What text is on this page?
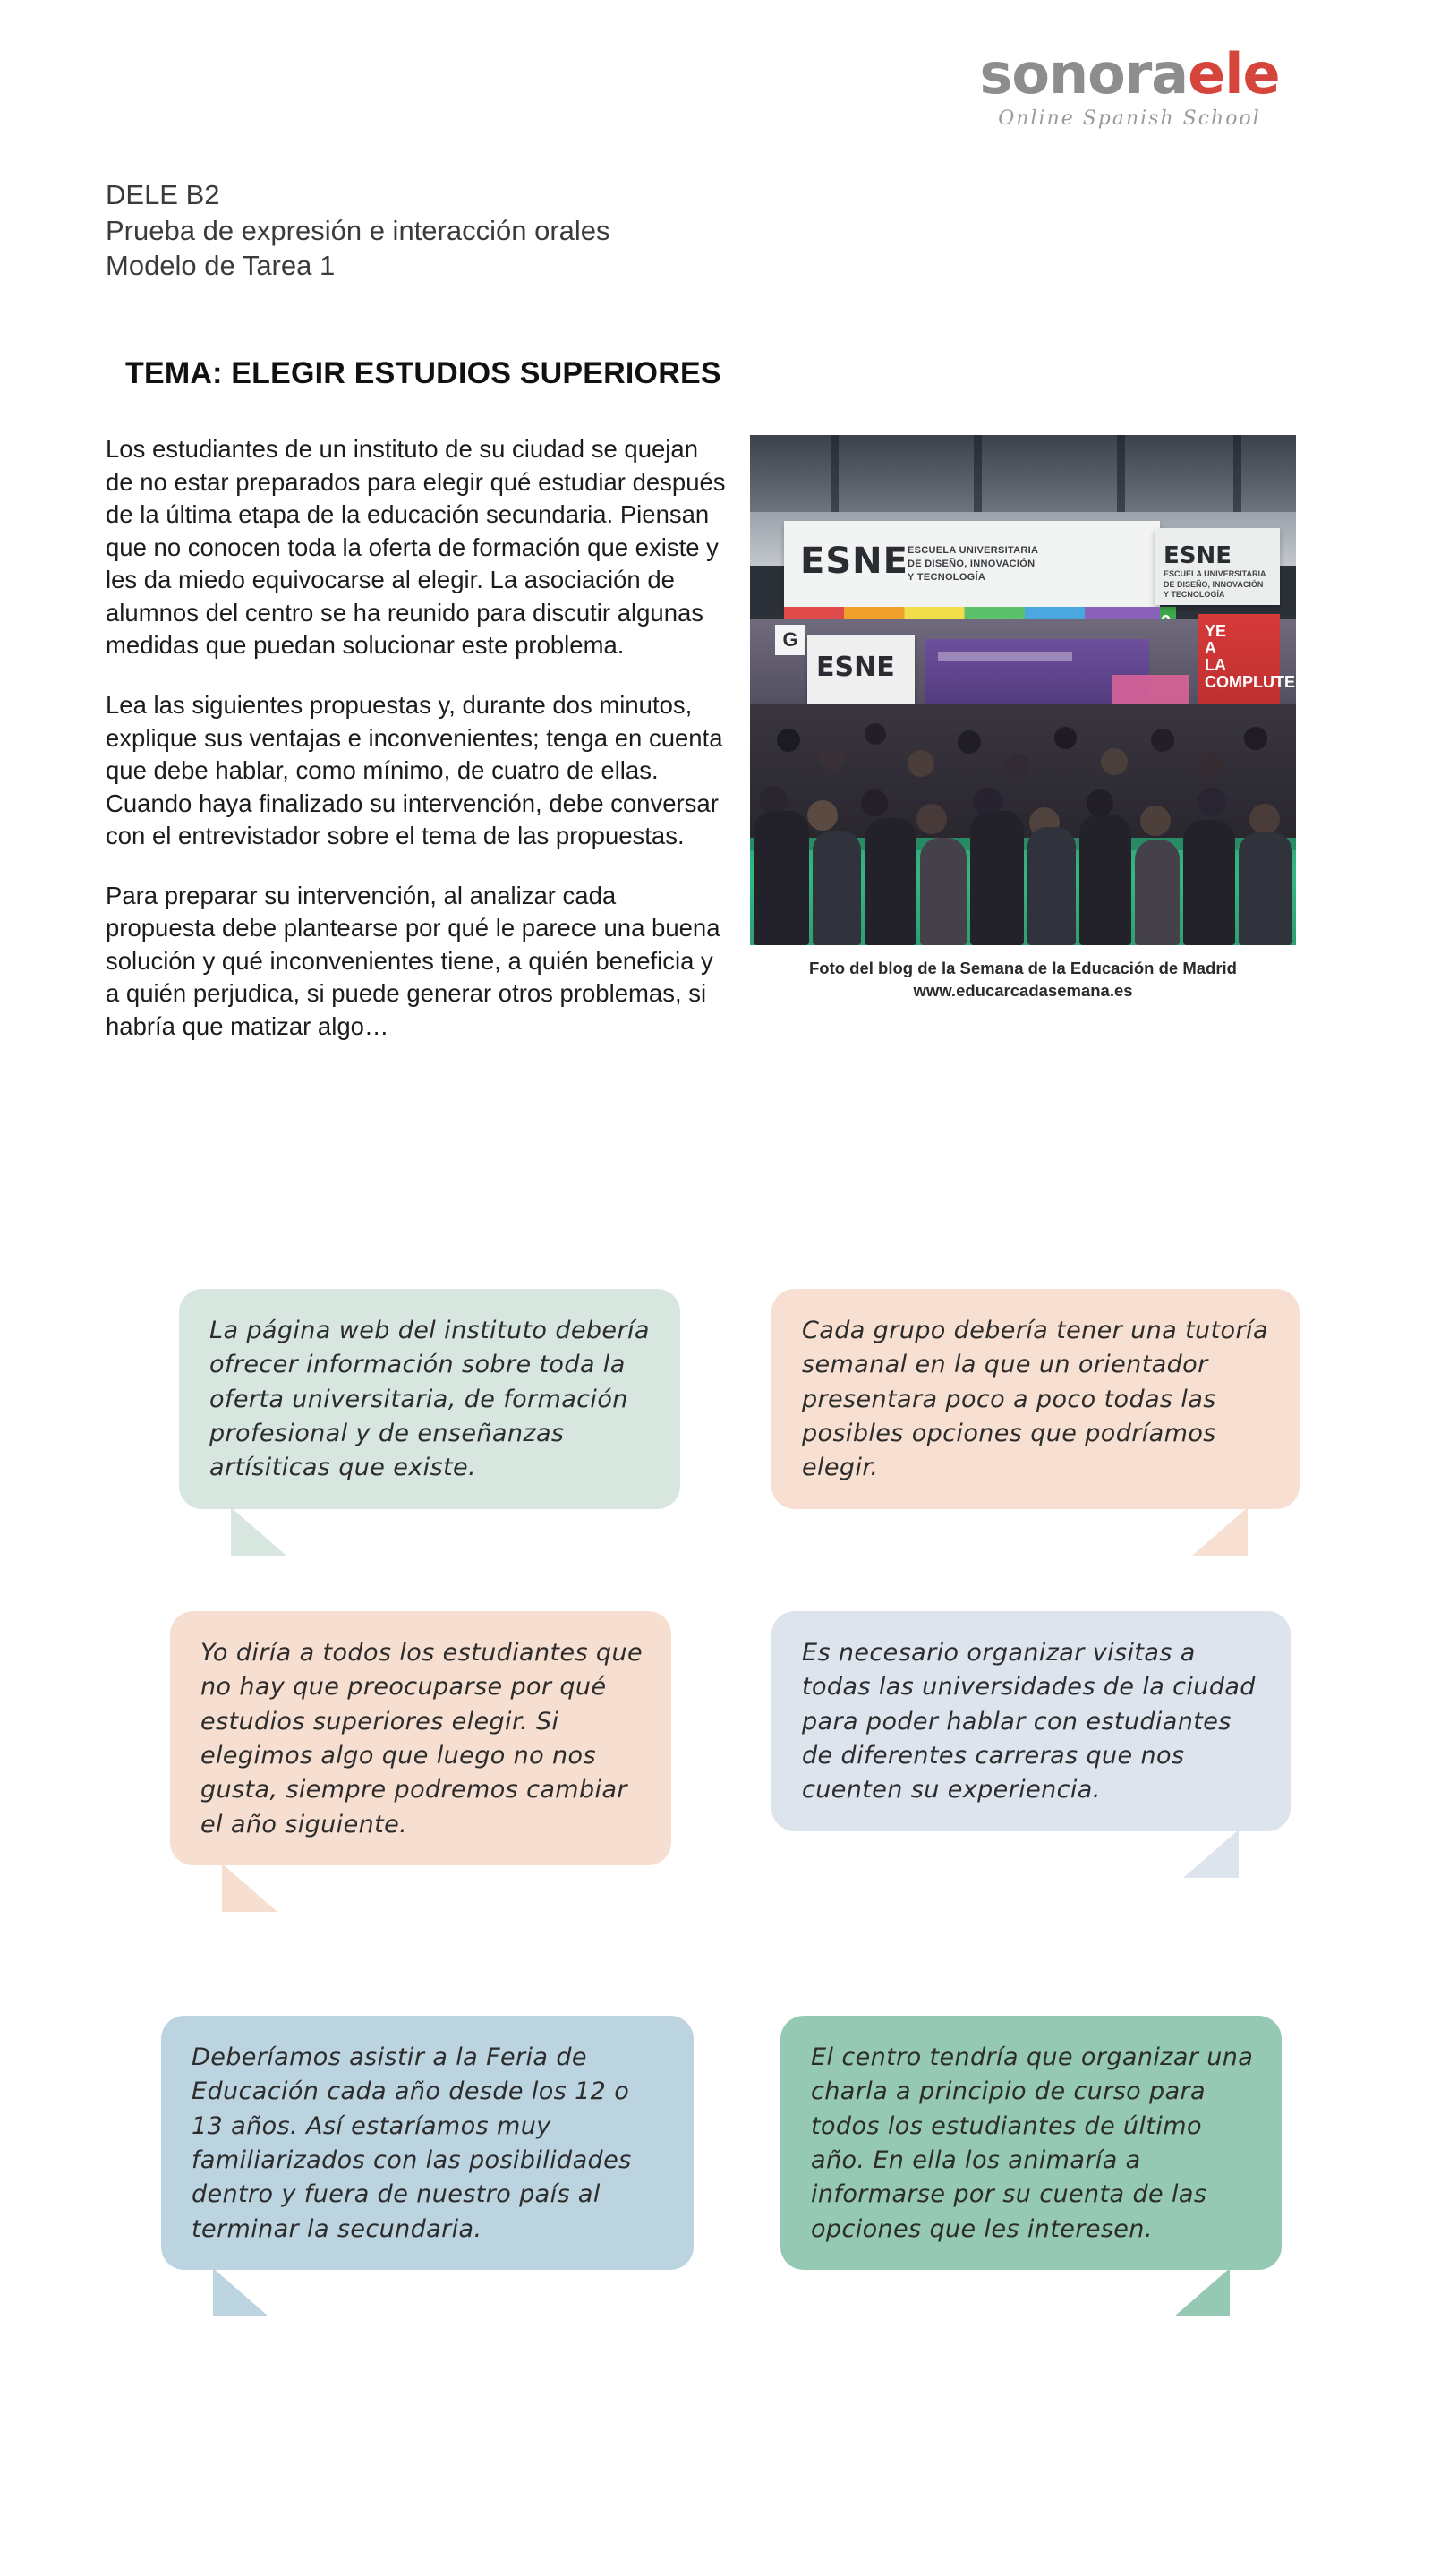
sonoraele
Online Spanish School
DELE B2
Prueba de expresión e interacción orales
Modelo de Tarea 1
TEMA: ELEGIR ESTUDIOS SUPERIORES

Los estudiantes de un instituto de su ciudad se quejan de no estar preparados para elegir qué estudiar después de la última etapa de la educación secundaria. Piensan que no conocen toda la oferta de formación que existe y les da miedo equivocarse al elegir. La asociación de alumnos del centro se ha reunido para discutir algunas medidas que puedan solucionar este problema.

Lea las siguientes propuestas y, durante dos minutos, explique sus ventajas e inconvenientes; tenga en cuenta que debe hablar, como mínimo, de cuatro de ellas. Cuando haya finalizado su intervención, debe conversar con el entrevistador sobre el tema de las propuestas.

Para preparar su intervención, al analizar cada propuesta debe plantearse por qué le parece una buena solución y qué inconvenientes tiene, a quién beneficia y a quién perjudica, si puede generar otros problemas, si habría que matizar algo…

ESNE ESCUELA UNIVERSITARIA
DE DISEÑO, INNOVACIÓN
Y TECNOLOGÍA
ESNE
ESCUELA UNIVERSITARIA
DE DISEÑO, INNOVACIÓN
Y TECNOLOGÍA
G
ESNE
YE
A
LA
COMPLUTE
Foto del blog de la Semana de la Educación de Madrid
www.educarcadasemana.es
La página web del instituto debería ofrecer información sobre toda la oferta universitaria, de formación profesional y de enseñanzas artísiticas que existe.
Cada grupo debería tener una tutoría semanal en la que un orientador presentara poco a poco todas las posibles opciones que podríamos elegir.
Yo diría a todos los estudiantes que no hay que preocuparse por qué estudios superiores elegir. Si elegimos algo que luego no nos gusta, siempre podremos cambiar el año siguiente.
Es necesario organizar visitas a todas las universidades de la ciudad para poder hablar con estudiantes de diferentes carreras que nos cuenten su experiencia.
Deberíamos asistir a la Feria de Educación cada año desde los 12 o 13 años. Así estaríamos muy familiarizados con las posibilidades dentro y fuera de nuestro país al terminar la secundaria.
El centro tendría que organizar una charla a principio de curso para todos los estudiantes de último año. En ella los animaría a informarse por su cuenta de las opciones que les interesen.
